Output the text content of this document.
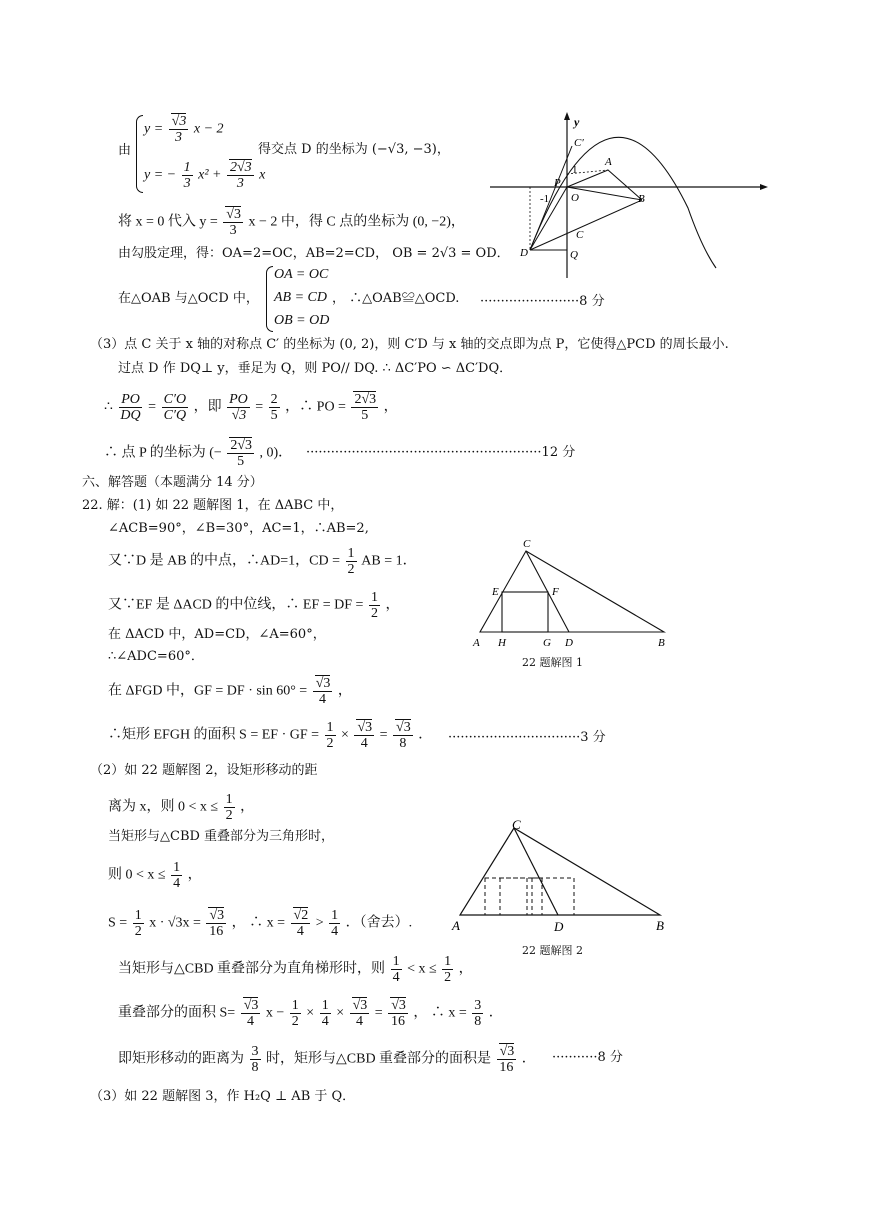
由
$y = \frac{√3}{3}$ x − 2
y = − $\frac{1}{3} x^2 + \frac{2√3}{3}$ x
得交点 D 的坐标为 (−√3, −3)，
将 x = 0 代入 $y = \frac{√3}{3}$ x − 2 中，得 C 点的坐标为 (0, −2)，
由勾股定理，得：OA=2=OC，AB=2=CD， OB = 2√3 = OD．
在△OAB 与△OCD 中，
OA = OC
AB = CD
OB = OD
， ∴△OAB≌△OCD. ························8 分
y
C′
1
A
-1
P
O	B
C
D	Q
（3）点 C 关于 x 轴的对称点 C′ 的坐标为 (0, 2)，则 C′D 与 x 轴的交点即为点 P，它使得△PCD 的周长最小.
过点 D 作 DQ⊥ y，垂足为 Q，则 PO// DQ. ∴ ΔC′PO ∽ ΔC′DQ．
∴ $\frac{PO}{DQ} = \frac{C'O}{C'Q}$ ，即 $\frac{PO}{√3} = \frac{2}{5}$ ，∴ PO = $\frac{2√3}{5}$ ，
∴ 点 P 的坐标为 (− $\frac{2√3}{5}$ , 0)． ·························································12 分
六、解答题（本题满分 14 分）
22. 解：(1) 如 22 题解图 1，在 ΔABC 中，
∠ACB=90°，∠B=30°，AC=1，∴AB=2,
又∵D 是 AB 的中点，∴AD=1，CD = $\frac{1}{2}$ AB = 1．
又∵EF 是 ΔACD 的中位线，∴ EF = DF = $\frac{1}{2}$ ，
在 ΔACD 中，AD=CD，∠A=60°，
∴∠ADC=60°．
在 ΔFGD 中，GF = DF · $\sin 60^\circ = \frac{√3}{4}$ ，
∴矩形 EFGH 的面积 S = EF · GF = $\frac{1}{2} \times \frac{√3}{4} = \frac{√3}{8}$ ． ································3 分
C
E	F
A H	G D	B
22 题解图 1
（2）如 22 题解图 2，设矩形移动的距
离为 x，则 $0 < x \le \frac{1}{2}$ ，
当矩形与△CBD 重叠部分为三角形时，
则 $0 < x \le \frac{1}{4}$ ，
$S = \frac{1}{2}$ $x \cdot √3x = \frac{√3}{16}$ ， ∴ $x = \frac{√2}{4} > \frac{1}{4}$ ．（舍去）.
当矩形与△CBD 重叠部分为直角梯形时，则 $\frac{1}{4} < x \le \frac{1}{2}$ ，
重叠部分的面积 $S= \frac{√3}{4}$ $x - \frac{1}{2} \times \frac{1}{4} \times \frac{√3}{4} = \frac{√3}{16}$ ， ∴ $x = \frac{3}{8}$ ．
即矩形移动的距离为 $\frac{3}{8}$ 时，矩形与△CBD 重叠部分的面积是 $\frac{√3}{16}$ ． ···········8 分
（3）如 22 题解图 3，作 H₂Q ⊥ AB 于 Q．
C
A	D	B
22 题解图 2
